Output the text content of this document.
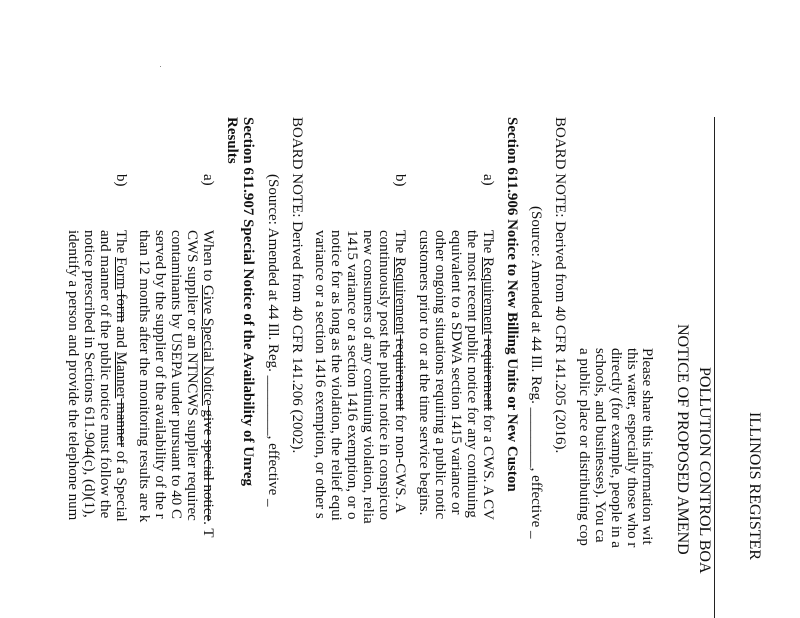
ILLINOIS REGISTER
POLLUTION CONTROL BOA
NOTICE OF PROPOSED AMEND
Please share this information wit
this water, especially those who r
directly (for example, people in a
schools, and businesses). You ca
a public place or distributing cop
BOARD NOTE: Derived from 40 CFR 141.205 (2016).
(Source: Amended at 44 Ill. Reg. ________, effective _
Section 611.906 Notice to New Billing Units or New Custon
a)
The Requirement requirement for a CWS. A CV
the most recent public notice for any continuing
equivalent to a SDWA section 1415 variance or
other ongoing situations requiring a public notic
customers prior to or at the time service begins.
b)
The Requirement requirement for non-CWS. A
continuously post the public notice in conspicuo
new consumers of any continuing violation, relia
1415 variance or a section 1416 exemption, or o
notice for as long as the violation, the relief equi
variance or a section 1416 exemption, or other s
BOARD NOTE: Derived from 40 CFR 141.206 (2002).
(Source: Amended at 44 Ill. Reg. ________, effective _
Section 611.907 Special Notice of the Availability of Unreg
Results
a)
When to Give Special Notice give special notice. T
CWS supplier or an NTNCWS supplier requirec
contaminants by USEPA under pursuant to 40 C
served by the supplier of the availability of the r
than 12 months after the monitoring results are k
b)
The Form form and Manner manner of a Special
and manner of the public notice must follow the
notice prescribed in Sections 611.904(c), (d)(1),
identify a person and provide the telephone num
